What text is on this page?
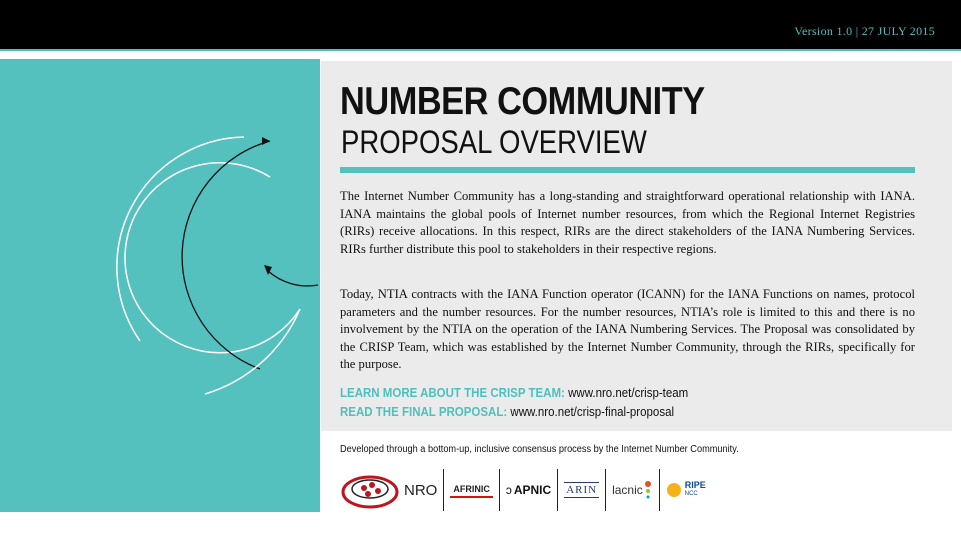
Version 1.0 | 27 JULY 2015
NUMBER COMMUNITY
PROPOSAL OVERVIEW

The Internet Number Community has a long-standing and straightforward operational relationship with IANA. IANA maintains the global pools of Internet number resources, from which the Regional Internet Registries (RIRs) receive allocations. In this respect, RIRs are the direct stakeholders of the IANA Numbering Services. RIRs further distribute this pool to stakeholders in their respective regions.

Today, NTIA contracts with the IANA Function operator (ICANN) for the IANA Functions on names, protocol parameters and the number resources. For the number resources, NTIA’s role is limited to this and there is no involvement by the NTIA on the operation of the IANA Numbering Services. The Proposal was consolidated by the CRISP Team, which was established by the Internet Number Community, through the RIRs, specifically for the purpose.

LEARN MORE ABOUT THE CRISP TEAM: www.nro.net/crisp-team
READ THE FINAL PROPOSAL: www.nro.net/crisp-final-proposal
Developed through a bottom-up, inclusive consensus process by the Internet Number Community.
NRO	AFRINIC ↄ APNIC ARIN lacnic	RIPE
NCC
